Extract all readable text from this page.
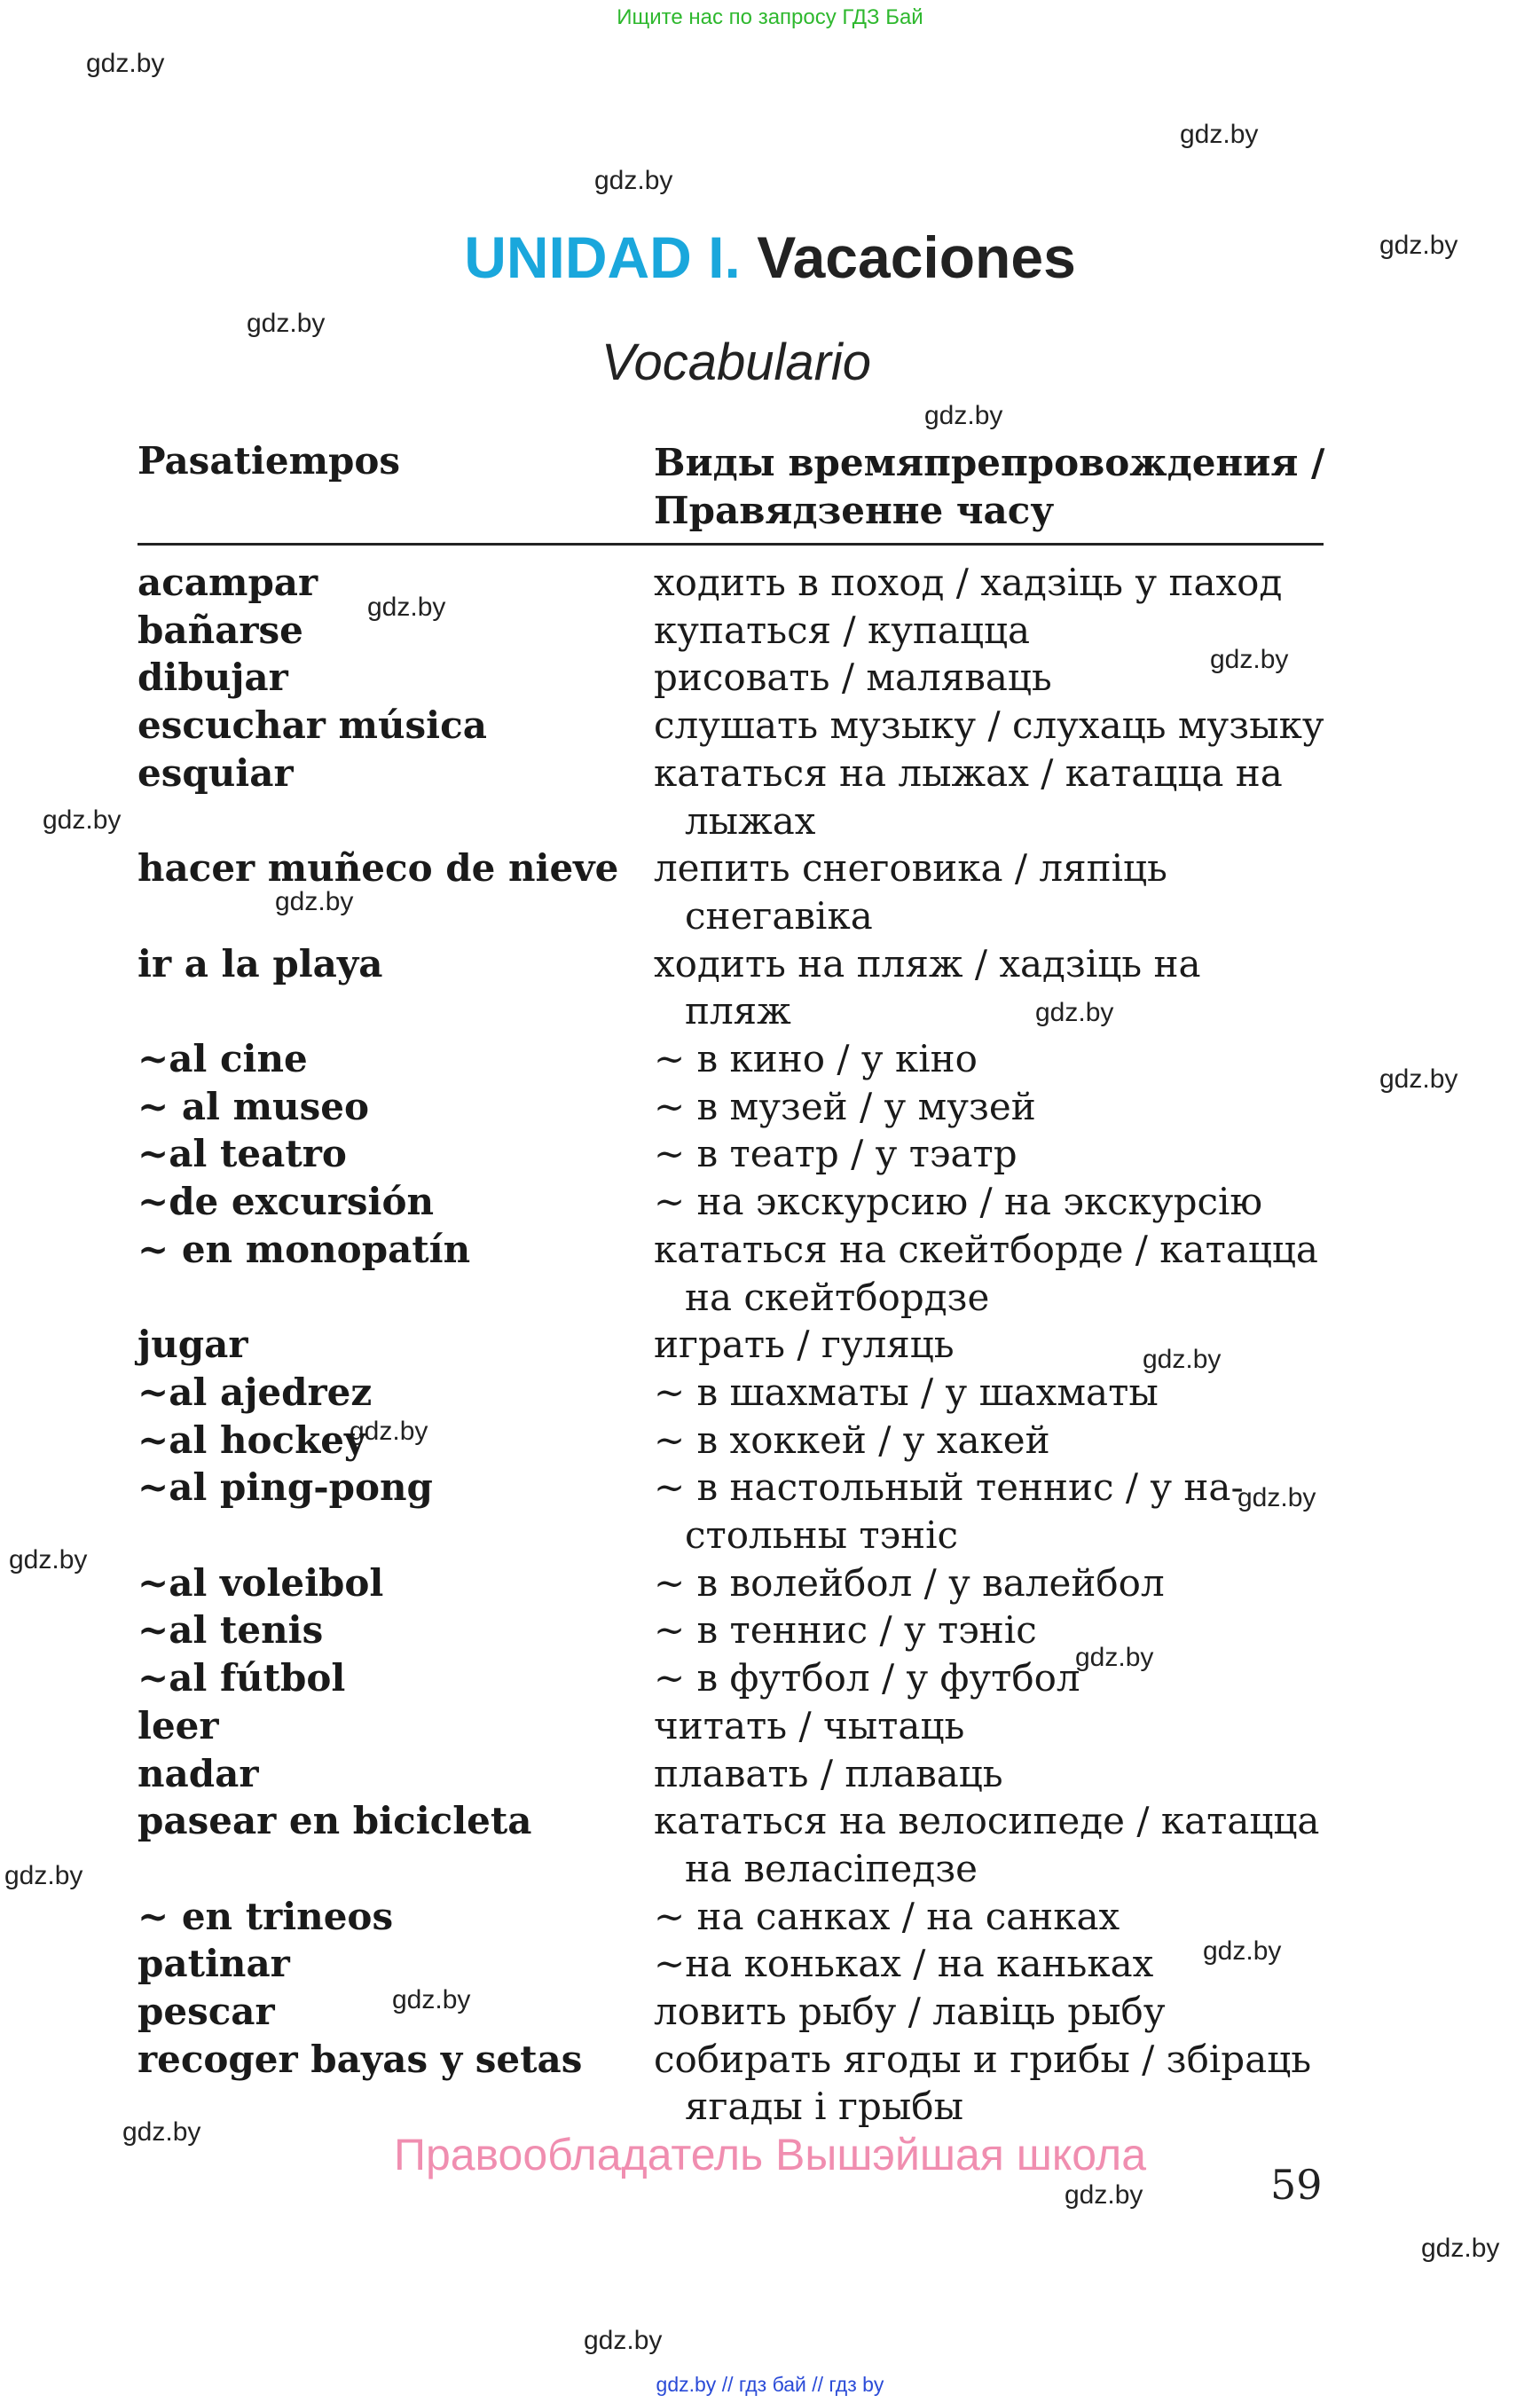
Ищите нас по запросу ГДЗ Бай
gdz.by
gdz.by
gdz.by
gdz.by
gdz.by
gdz.by
gdz.by
gdz.by
gdz.by
gdz.by
gdz.by
gdz.by
gdz.by
gdz.by
gdz.by
gdz.by
gdz.by
gdz.by
gdz.by
gdz.by
gdz.by
gdz.by
gdz.by
gdz.by
UNIDAD I. Vacaciones
Vocabulario
Pasatiempos	Виды времяпрепровождения / Правядзенне часу
acampar	ходить в поход / хадзіць у паход
bañarse	купаться / купацца
dibujar	рисовать / маляваць
escuchar música	слушать музыку / слухаць музыку
esquiar	кататься на лыжах / катацца на
лыжах
hacer muñeco de nieve лепить снеговика / ляпіць
снегавіка
ir a la playa	ходить на пляж / хадзіць на
пляж
~al cine	~ в кино / у кіно
~ al museo	~ в музей / у музей
~al teatro	~ в театр / у тэатр
~de excursión	~ на экскурсию / на экскурсію
~ en monopatín	кататься на скейтборде / катацца
на скейтбордзе
jugar	играть / гуляць
~al ajedrez	~ в шахматы / у шахматы
~al hockey	~ в хоккей / у хакей
~al ping-pong	~ в настольный теннис / у на-
стольны тэніс
~al voleibol	~ в волейбол / у валейбол
~al tenis	~ в теннис / у тэніс
~al fútbol	~ в футбол / у футбол
leer	читать / чытаць
nadar	плавать / плаваць
pasear en bicicleta	кататься на велосипеде / катацца
на веласіпедзе
~ en trineos	~ на санках / на санках
patinar	~на коньках / на каньках
pescar	ловить рыбу / лавіць рыбу
recoger bayas y setas собирать ягоды и грибы / збіраць
ягады і грыбы
Правообладатель Вышэйшая школа
59
gdz.by // гдз бай // гдз by
